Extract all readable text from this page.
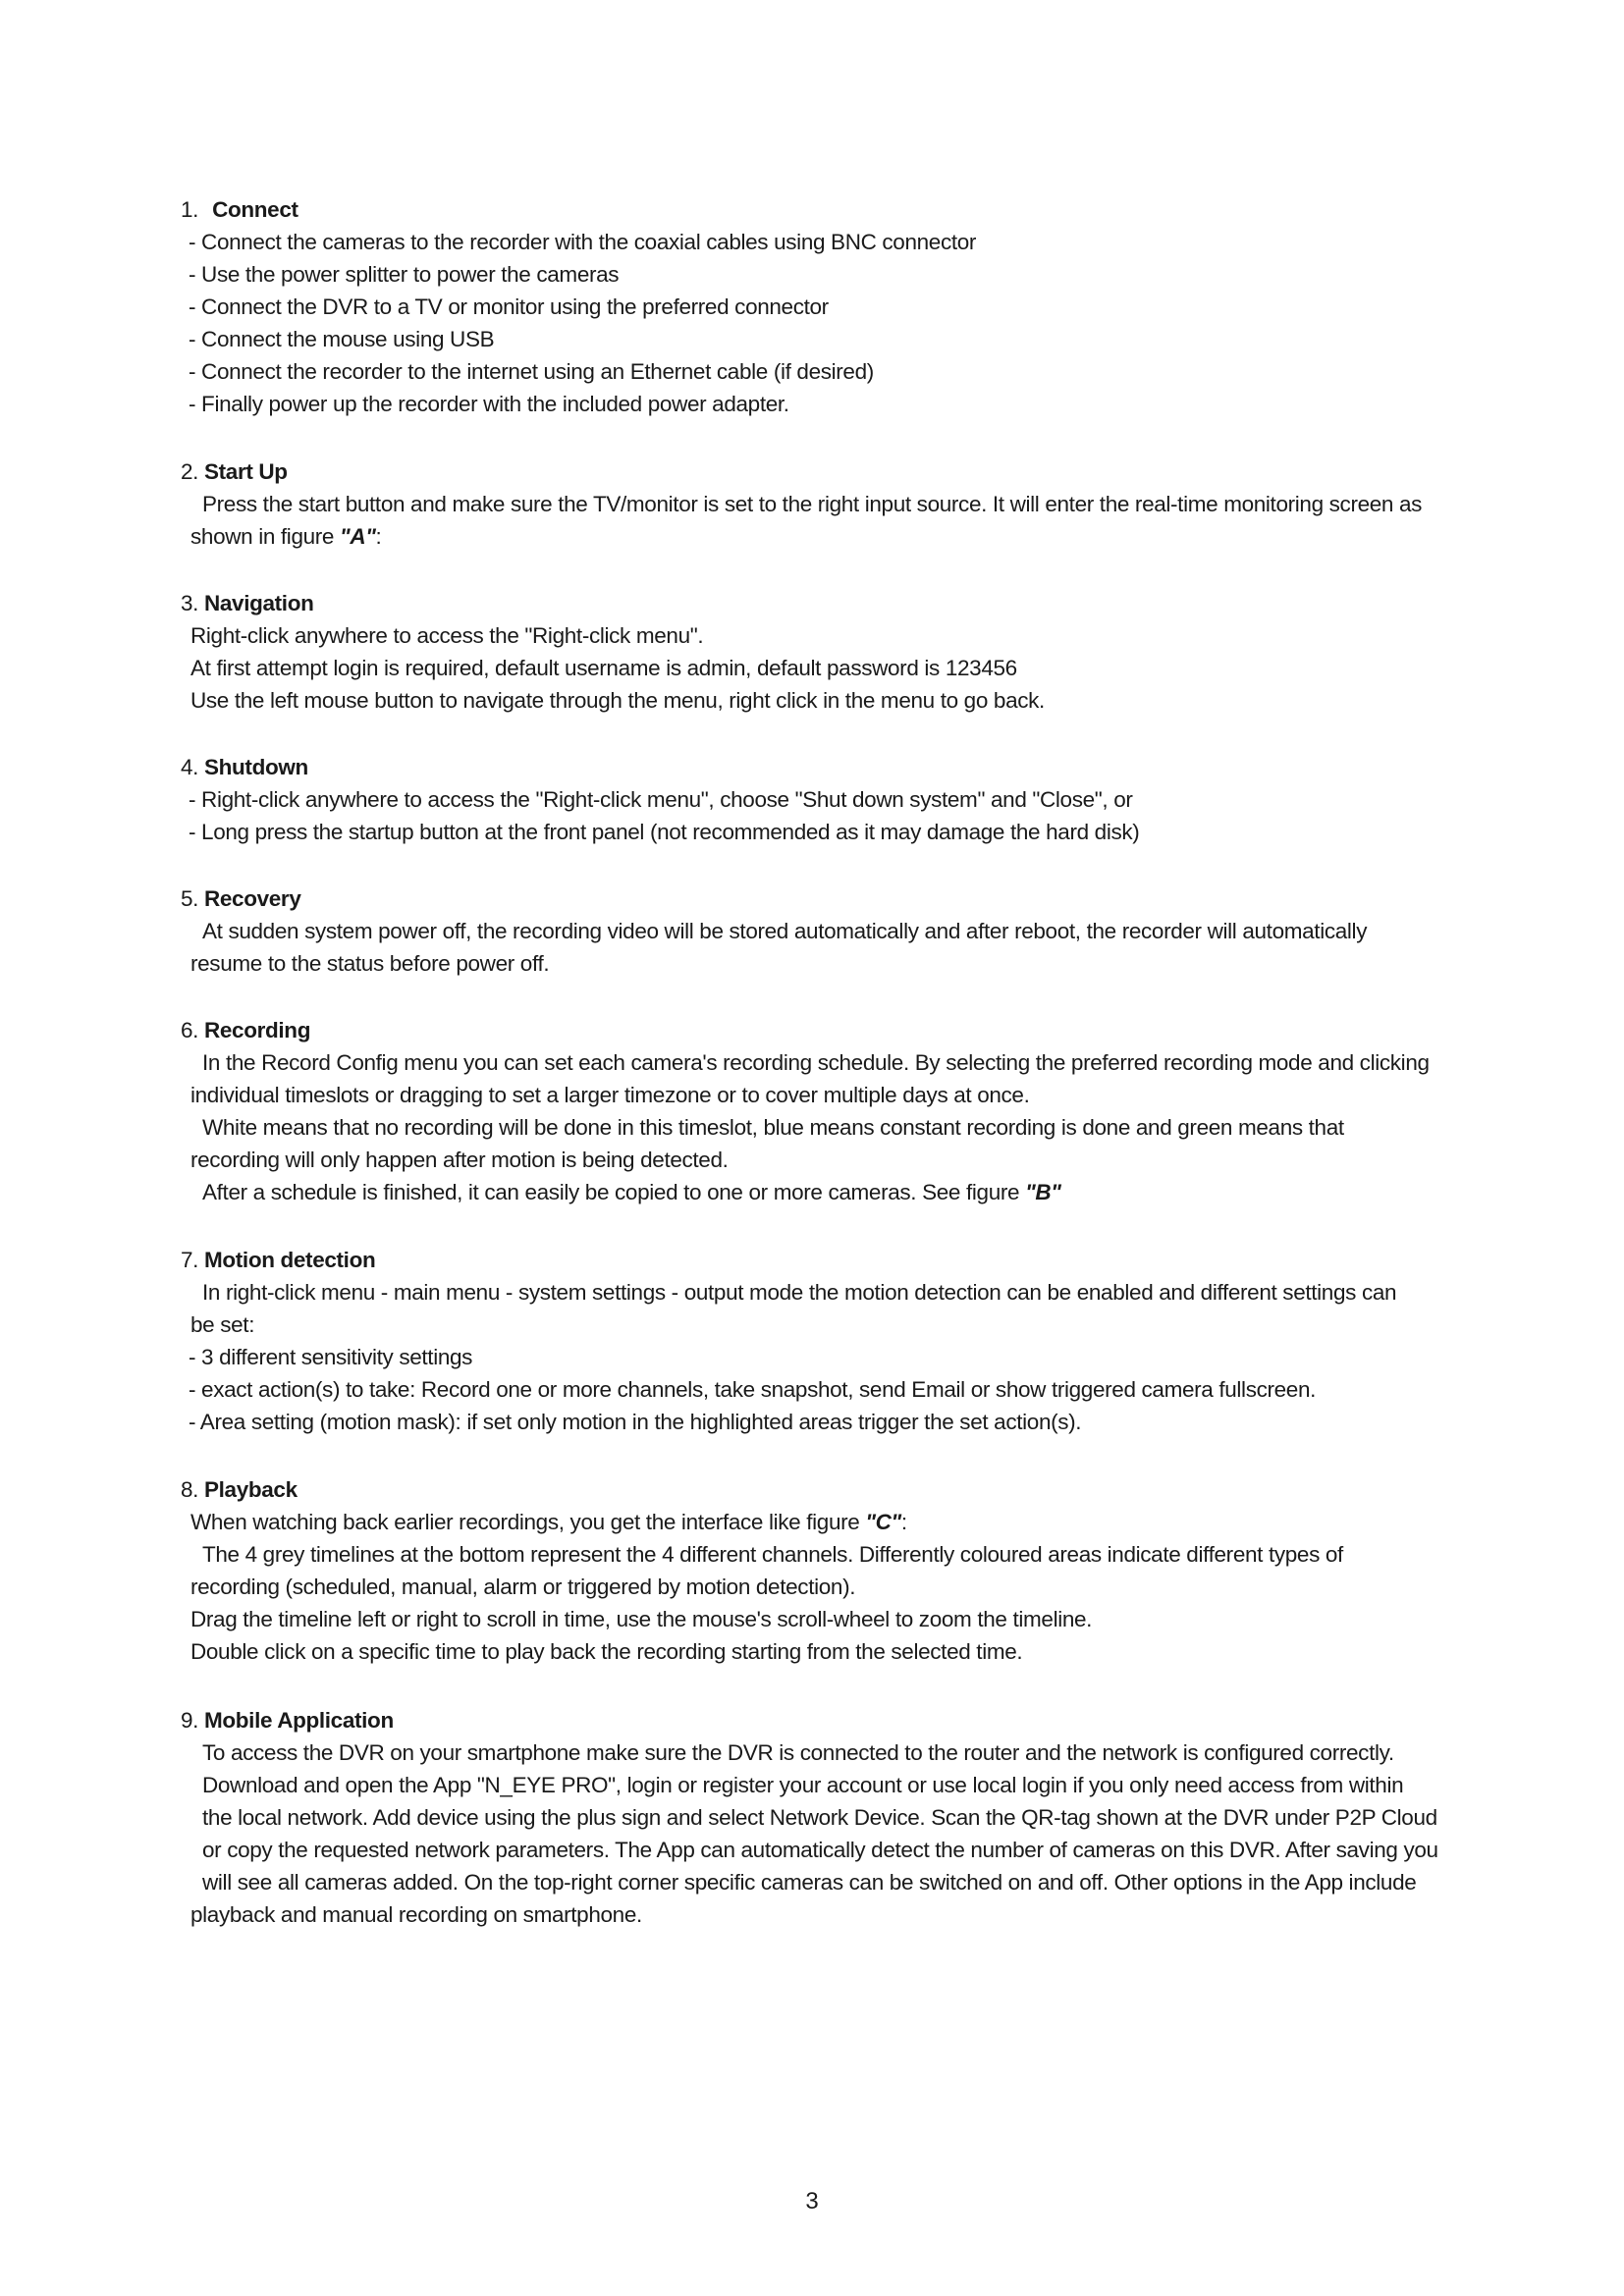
1. Connect
- Connect the cameras to the recorder with the coaxial cables using BNC connector
- Use the power splitter to power the cameras
- Connect the DVR to a TV or monitor using the preferred connector
- Connect the mouse using USB
- Connect the recorder to the internet using an Ethernet cable (if desired)
- Finally power up the recorder with the included power adapter.
2. Start Up
Press the start button and make sure the TV/monitor is set to the right input source. It will enter the real-time monitoring screen as
shown in figure "A":
3. Navigation
Right-click anywhere to access the "Right-click menu".
At first attempt login is required, default username is admin, default password is 123456
Use the left mouse button to navigate through the menu, right click in the menu to go back.
4. Shutdown
- Right-click anywhere to access the "Right-click menu", choose "Shut down system" and "Close", or
- Long press the startup button at the front panel (not recommended as it may damage the hard disk)
5. Recovery
At sudden system power off, the recording video will be stored automatically and after reboot, the recorder will automatically
resume to the status before power off.
6. Recording
In the Record Config menu you can set each camera's recording schedule. By selecting the preferred recording mode and clicking
individual timeslots or dragging to set a larger timezone or to cover multiple days at once.
White means that no recording will be done in this timeslot, blue means constant recording is done and green means that
recording will only happen after motion is being detected.
After a schedule is finished, it can easily be copied to one or more cameras. See figure "B"
7. Motion detection
In right-click menu - main menu - system settings - output mode the motion detection can be enabled and different settings can
be set:
- 3 different sensitivity settings
- exact action(s) to take: Record one or more channels, take snapshot, send Email or show triggered camera fullscreen.
- Area setting (motion mask): if set only motion in the highlighted areas trigger the set action(s).
8. Playback
When watching back earlier recordings, you get the interface like figure "C":
The 4 grey timelines at the bottom represent the 4 different channels. Differently coloured areas indicate different types of
recording (scheduled, manual, alarm or triggered by motion detection).
Drag the timeline left or right to scroll in time, use the mouse's scroll-wheel to zoom the timeline.
Double click on a specific time to play back the recording starting from the selected time.
9. Mobile Application
To access the DVR on your smartphone make sure the DVR is connected to the router and the network is configured correctly.
Download and open the App "N_EYE PRO", login or register your account or use local login if you only need access from within
the local network. Add device using the plus sign and select Network Device. Scan the QR-tag shown at the DVR under P2P Cloud
or copy the requested network parameters. The App can automatically detect the number of cameras on this DVR. After saving you
will see all cameras added. On the top-right corner specific cameras can be switched on and off. Other options in the App include
playback and manual recording on smartphone.
3
